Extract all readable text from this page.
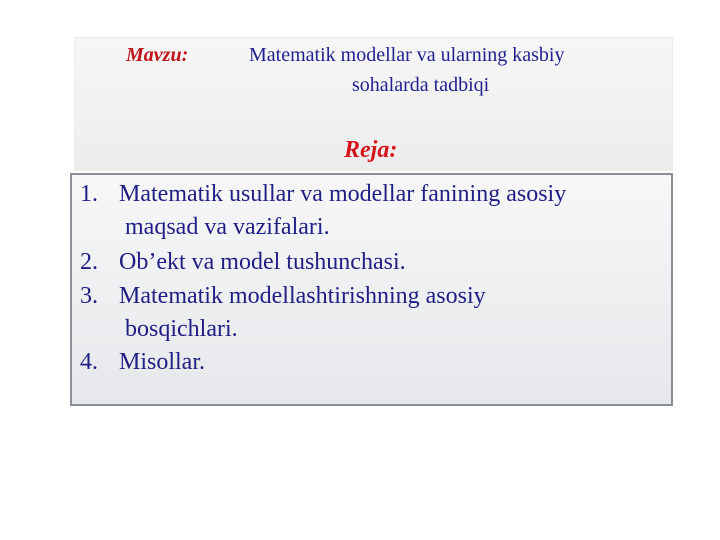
Mavzu:	Matematik modellar va ularning kasbiy
sohalarda tadbiqi
Reja:
1. Matematik usullar va modellar fanining asosiy
maqsad va vazifalari.
2. Ob’ekt va model tushunchasi.
3. Matematik modellashtirishning asosiy
bosqichlari.
4. Misollar.
